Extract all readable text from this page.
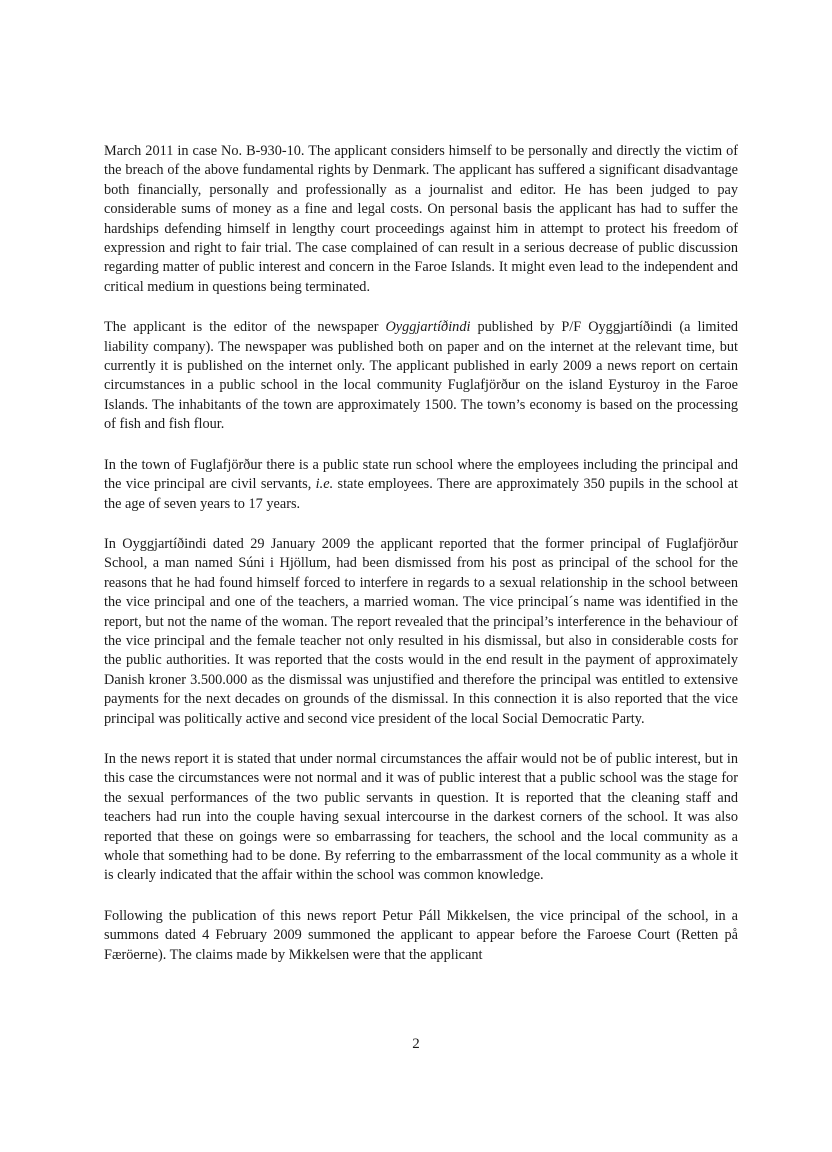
March 2011 in case No. B-930-10. The applicant considers himself to be personally and directly the victim of the breach of the above fundamental rights by Denmark. The applicant has suffered a significant disadvantage both financially, personally and professionally as a journalist and editor. He has been judged to pay considerable sums of money as a fine and legal costs. On personal basis the applicant has had to suffer the hardships defending himself in lengthy court proceedings against him in attempt to protect his freedom of expression and right to fair trial. The case complained of can result in a serious decrease of public discussion regarding matter of public interest and concern in the Faroe Islands. It might even lead to the independent and critical medium in questions being terminated.

The applicant is the editor of the newspaper Oyggjartíðindi published by P/F Oyggjartíðindi (a limited liability company). The newspaper was published both on paper and on the internet at the relevant time, but currently it is published on the internet only. The applicant published in early 2009 a news report on certain circumstances in a public school in the local community Fuglafjörður on the island Eysturoy in the Faroe Islands. The inhabitants of the town are approximately 1500. The town’s economy is based on the processing of fish and fish flour.

In the town of Fuglafjörður there is a public state run school where the employees including the principal and the vice principal are civil servants, i.e. state employees. There are approximately 350 pupils in the school at the age of seven years to 17 years.

In Oyggjartíðindi dated 29 January 2009 the applicant reported that the former principal of Fuglafjörður School, a man named Súni i Hjöllum, had been dismissed from his post as principal of the school for the reasons that he had found himself forced to interfere in regards to a sexual relationship in the school between the vice principal and one of the teachers, a married woman. The vice principal´s name was identified in the report, but not the name of the woman. The report revealed that the principal’s interference in the behaviour of the vice principal and the female teacher not only resulted in his dismissal, but also in considerable costs for the public authorities. It was reported that the costs would in the end result in the payment of approximately Danish kroner 3.500.000 as the dismissal was unjustified and therefore the principal was entitled to extensive payments for the next decades on grounds of the dismissal. In this connection it is also reported that the vice principal was politically active and second vice president of the local Social Democratic Party.

In the news report it is stated that under normal circumstances the affair would not be of public interest, but in this case the circumstances were not normal and it was of public interest that a public school was the stage for the sexual performances of the two public servants in question. It is reported that the cleaning staff and teachers had run into the couple having sexual intercourse in the darkest corners of the school. It was also reported that these on goings were so embarrassing for teachers, the school and the local community as a whole that something had to be done. By referring to the embarrassment of the local community as a whole it is clearly indicated that the affair within the school was common knowledge.

Following the publication of this news report Petur Páll Mikkelsen, the vice principal of the school, in a summons dated 4 February 2009 summoned the applicant to appear before the Faroese Court (Retten på Færöerne). The claims made by Mikkelsen were that the applicant

2
